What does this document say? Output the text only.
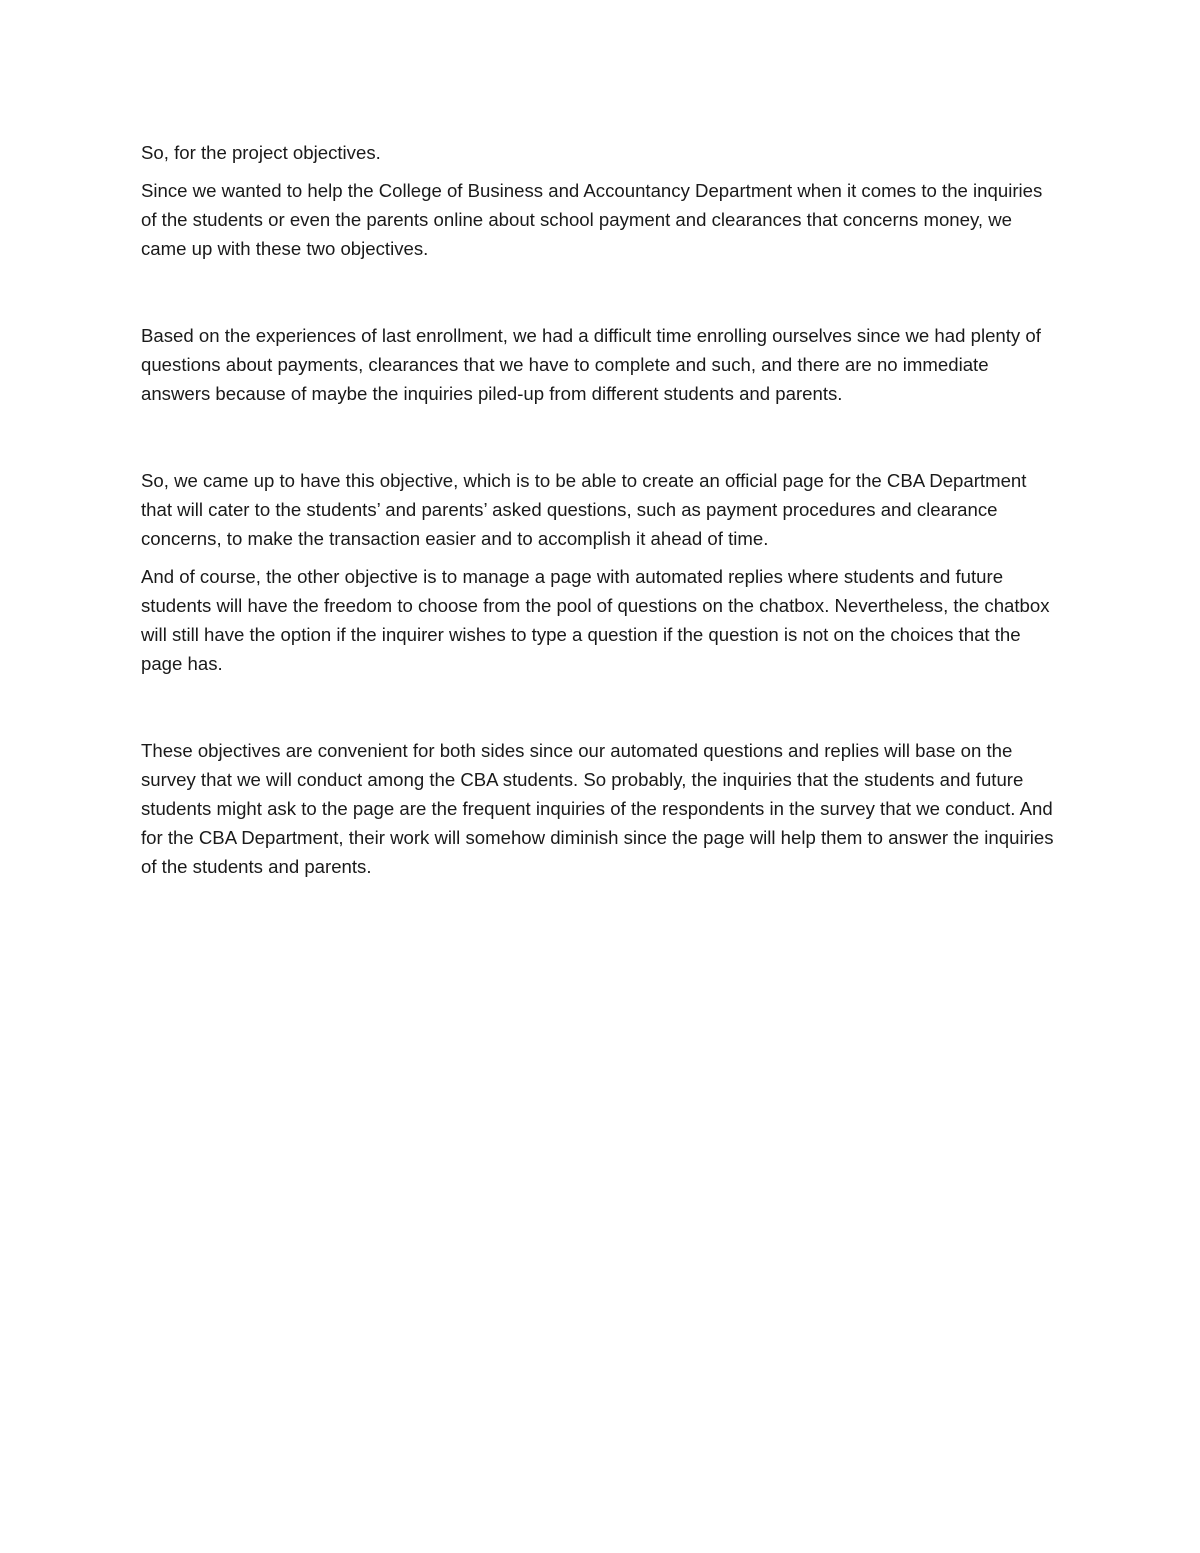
So, for the project objectives.

Since we wanted to help the College of Business and Accountancy Department when it comes to the inquiries of the students or even the parents online about school payment and clearances that concerns money, we came up with these two objectives.

Based on the experiences of last enrollment, we had a difficult time enrolling ourselves since we had plenty of questions about payments, clearances that we have to complete and such, and there are no immediate answers because of maybe the inquiries piled-up from different students and parents.

So, we came up to have this objective, which is to be able to create an official page for the CBA Department that will cater to the students’ and parents’ asked questions, such as payment procedures and clearance concerns, to make the transaction easier and to accomplish it ahead of time.

And of course, the other objective is to manage a page with automated replies where students and future students will have the freedom to choose from the pool of questions on the chatbox. Nevertheless, the chatbox will still have the option if the inquirer wishes to type a question if the question is not on the choices that the page has.

These objectives are convenient for both sides since our automated questions and replies will base on the survey that we will conduct among the CBA students. So probably, the inquiries that the students and future students might ask to the page are the frequent inquiries of the respondents in the survey that we conduct. And for the CBA Department, their work will somehow diminish since the page will help them to answer the inquiries of the students and parents.
